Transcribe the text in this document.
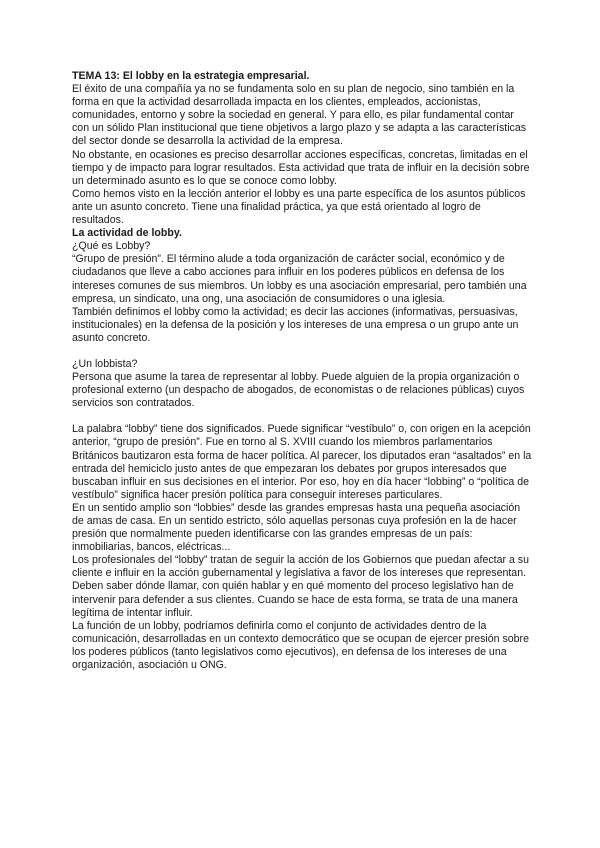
TEMA 13: El lobby en la estrategia empresarial.

El éxito de una compañía ya no se fundamenta solo en su plan de negocio, sino también en la forma en que la actividad desarrollada impacta en los clientes, empleados, accionistas, comunidades, entorno y sobre la sociedad en general. Y para ello, es pilar fundamental contar con un sólido Plan institucional que tiene objetivos a largo plazo y se adapta a las características del sector donde se desarrolla la actividad de la empresa.

No obstante, en ocasiones es preciso desarrollar acciones específicas, concretas, limitadas en el tiempo y de impacto para lograr resultados. Esta actividad que trata de influir en la decisión sobre un determinado asunto es lo que se conoce como lobby.

Como hemos visto en la lección anterior el lobby es una parte específica de los asuntos públicos ante un asunto concreto. Tiene una finalidad práctica, ya que está orientado al logro de resultados.

La actividad de lobby.

¿Qué es Lobby?

“Grupo de presión”. El término alude a toda organización de carácter social, económico y de ciudadanos que lleve a cabo acciones para influir en los poderes públicos en defensa de los intereses comunes de sus miembros. Un lobby es una asociación empresarial, pero también una empresa, un sindicato, una ong, una asociación de consumidores o una iglesia.

También definimos el lobby como la actividad; es decir las acciones (informativas, persuasivas, institucionales) en la defensa de la posición y los intereses de una empresa o un grupo ante un asunto concreto.

¿Un lobbista?

Persona que asume la tarea de representar al lobby. Puede alguien de la propia organización o profesional externo (un despacho de abogados, de economistas o de relaciones públicas) cuyos servicios son contratados.

La palabra “lobby” tiene dos significados. Puede significar “vestíbulo” o, con origen en la acepción anterior, “grupo de presión”. Fue en torno al S. XVIII cuando los miembros parlamentarios Británicos bautizaron esta forma de hacer política. Al parecer, los diputados eran “asaltados” en la entrada del hemiciclo justo antes de que empezaran los debates por grupos interesados que buscaban influir en sus decisiones en el interior. Por eso, hoy en día hacer “lobbing” o “política de vestíbulo” significa hacer presión política para conseguir intereses particulares.

En un sentido amplio son “lobbies” desde las grandes empresas hasta una pequeña asociación de amas de casa. En un sentido estricto, sólo aquellas personas cuya profesión en la de hacer presión que normalmente pueden identificarse con las grandes empresas de un país: inmobiliarias, bancos, eléctricas...

Los profesionales del “lobby” tratan de seguir la acción de los Gobiernos que puedan afectar a su cliente e influir en la acción gubernamental y legislativa a favor de los intereses que representan. Deben saber dónde llamar, con quién hablar y en qué momento del proceso legislativo han de intervenir para defender a sus clientes. Cuando se hace de esta forma, se trata de una manera legítima de intentar influir.

La función de un lobby, podríamos definirla como el conjunto de actividades dentro de la comunicación, desarrolladas en un contexto democrático que se ocupan de ejercer presión sobre los poderes públicos (tanto legislativos como ejecutivos), en defensa de los intereses de una organización, asociación u ONG.
